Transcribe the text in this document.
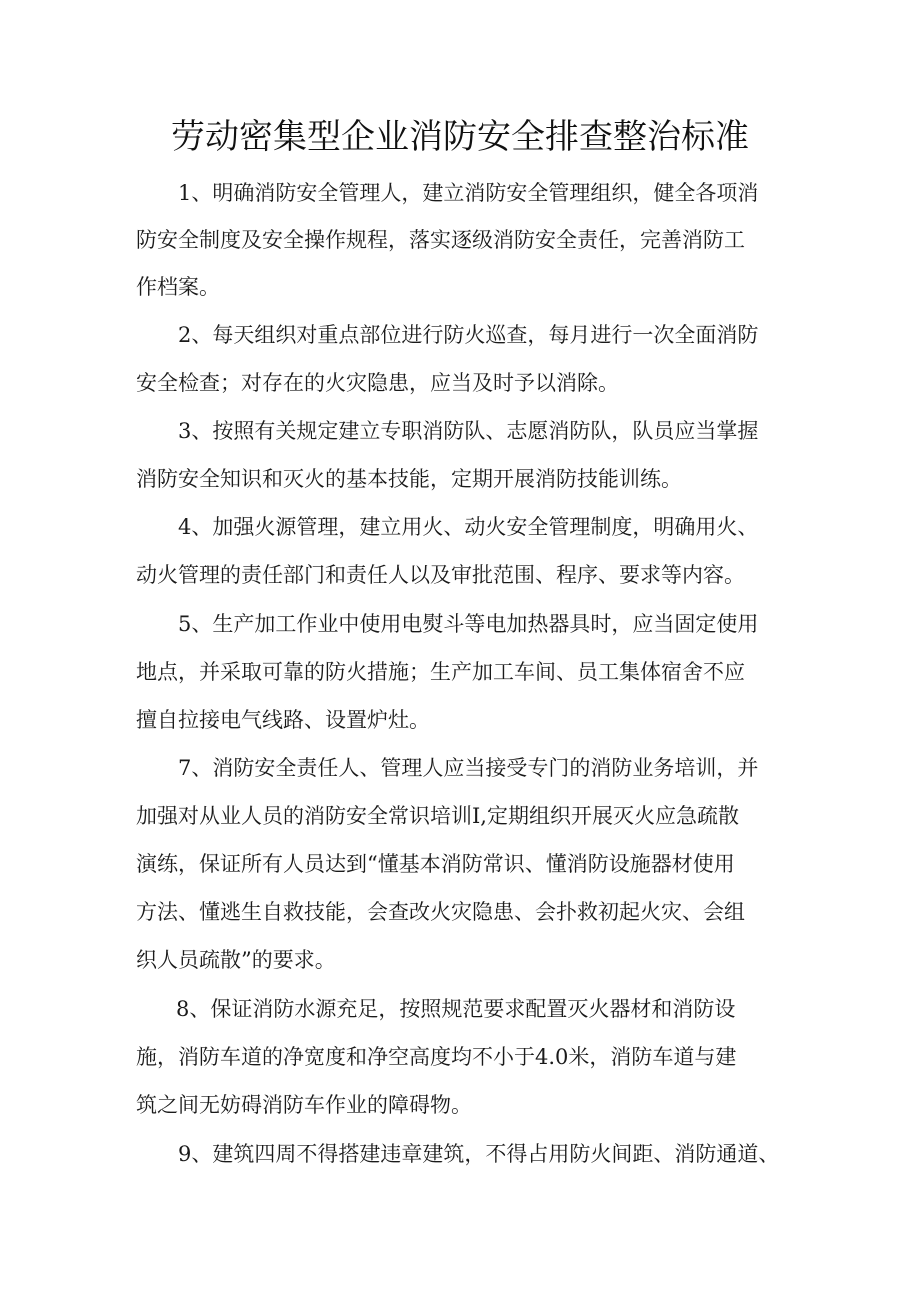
劳动密集型企业消防安全排查整治标准
1、明确消防安全管理人，建立消防安全管理组织，健全各项消
防安全制度及安全操作规程，落实逐级消防安全责任，完善消防工
作档案。
2、每天组织对重点部位进行防火巡查，每月进行一次全面消防
安全检查；对存在的火灾隐患，应当及时予以消除。
3、按照有关规定建立专职消防队、志愿消防队，队员应当掌握
消防安全知识和灭火的基本技能，定期开展消防技能训练。
4、加强火源管理，建立用火、动火安全管理制度，明确用火、
动火管理的责任部门和责任人以及审批范围、程序、要求等内容。
5、生产加工作业中使用电熨斗等电加热器具时，应当固定使用
地点，并采取可靠的防火措施；生产加工车间、员工集体宿舍不应
擅自拉接电气线路、设置炉灶。
7、消防安全责任人、管理人应当接受专门的消防业务培训，并
加强对从业人员的消防安全常识培训I,定期组织开展灭火应急疏散
演练，保证所有人员达到“懂基本消防常识、懂消防设施器材使用
方法、懂逃生自救技能，会查改火灾隐患、会扑救初起火灾、会组
织人员疏散”的要求。
8、保证消防水源充足，按照规范要求配置灭火器材和消防设
施，消防车道的净宽度和净空高度均不小于4.0米，消防车道与建
筑之间无妨碍消防车作业的障碍物。
9、建筑四周不得搭建违章建筑，不得占用防火间距、消防通道、
